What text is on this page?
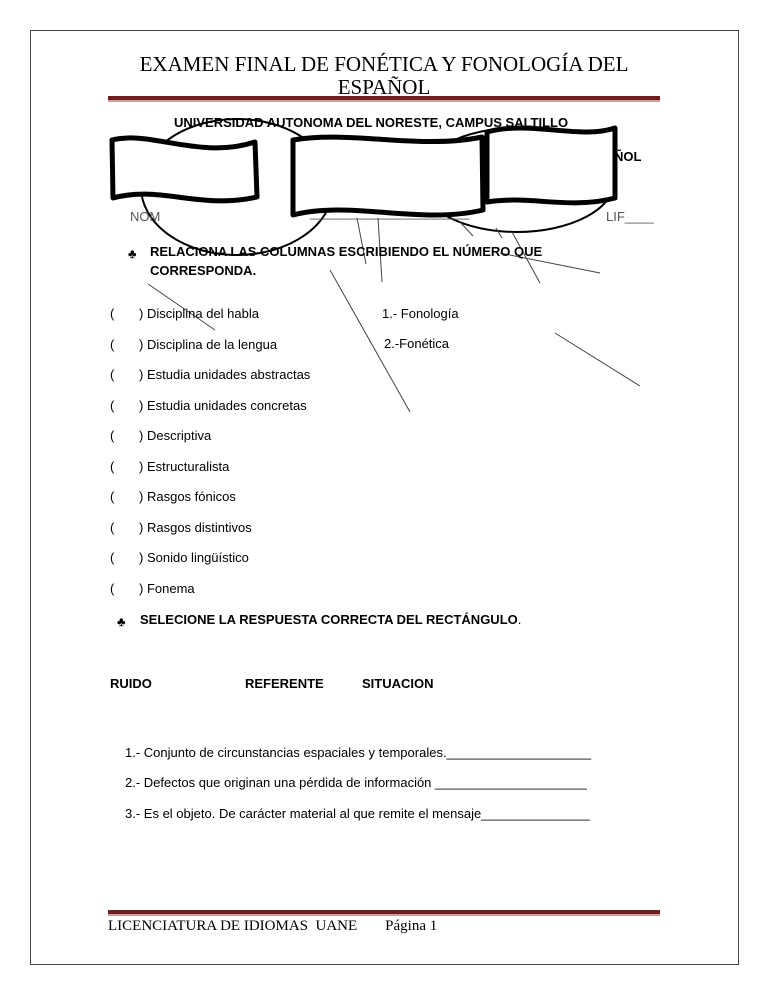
EXAMEN FINAL DE FONÉTICA Y FONOLOGÍA DEL
ESPAÑOL
UNIVERSIDAD AUTONOMA DEL NORESTE, CAMPUS SALTILLO
ÑOL
NOM	______________________	LIF____
♣ RELACIONA LAS COLUMNAS ESCRIBIENDO EL NÚMERO QUE
CORRESPONDA.
( ) Disciplina del habla
( ) Disciplina de la lengua
( ) Estudia unidades abstractas
( ) Estudia unidades concretas
( ) Descriptiva
( ) Estructuralista
( ) Rasgos fónicos
( ) Rasgos distintivos
( ) Sonido lingüístico
( ) Fonema
1.- Fonología
2.-Fonética
♣ SELECIONE LA RESPUESTA CORRECTA DEL RECTÁNGULO.
RUIDO	REFERENTE	SITUACION
1.- Conjunto de circunstancias espaciales y temporales.____________________
2.- Defectos que originan una pérdida de información _____________________
3.- Es el objeto. De carácter material al que remite el mensaje_______________
LICENCIATURA DE IDIOMAS  UANE Página 1
